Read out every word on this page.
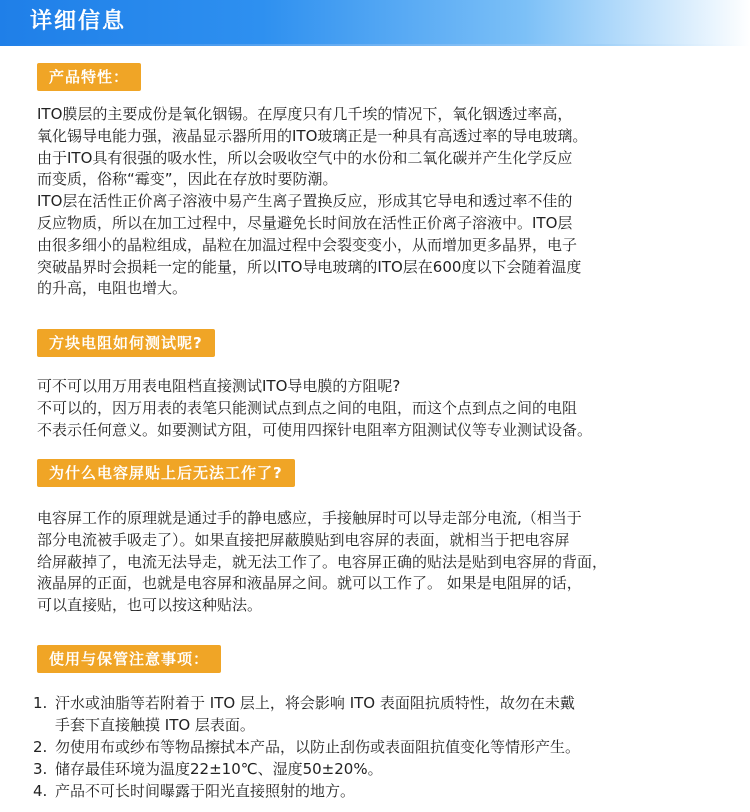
详细信息
产品特性：

ITO膜层的主要成份是氧化铟锡。在厚度只有几千埃的情况下，氧化铟透过率高，
氧化锡导电能力强，液晶显示器所用的ITO玻璃正是一种具有高透过率的导电玻璃。
由于ITO具有很强的吸水性，所以会吸收空气中的水份和二氧化碳并产生化学反应
而变质，俗称“霉变”，因此在存放时要防潮。
ITO层在活性正价离子溶液中易产生离子置换反应，形成其它导电和透过率不佳的
反应物质，所以在加工过程中，尽量避免长时间放在活性正价离子溶液中。ITO层
由很多细小的晶粒组成，晶粒在加温过程中会裂变变小，从而增加更多晶界，电子
突破晶界时会损耗一定的能量，所以ITO导电玻璃的ITO层在600度以下会随着温度
的升高，电阻也增大。

方块电阻如何测试呢?

可不可以用万用表电阻档直接测试ITO导电膜的方阻呢?
不可以的，因万用表的表笔只能测试点到点之间的电阻，而这个点到点之间的电阻
不表示任何意义。如要测试方阻，可使用四探针电阻率方阻测试仪等专业测试设备。

为什么电容屏贴上后无法工作了?

电容屏工作的原理就是通过手的静电感应，手接触屏时可以导走部分电流,（相当于
部分电流被手吸走了）。如果直接把屏蔽膜贴到电容屏的表面，就相当于把电容屏
给屏蔽掉了，电流无法导走，就无法工作了。电容屏正确的贴法是贴到电容屏的背面，
液晶屏的正面，也就是电容屏和液晶屏之间。就可以工作了。 如果是电阻屏的话，
可以直接贴，也可以按这种贴法。

使用与保管注意事项：
1. 汗水或油脂等若附着于 ITO 层上，将会影响 ITO 表面阻抗质特性，故勿在未戴
手套下直接触摸 ITO 层表面。
2. 勿使用布或纱布等物品擦拭本产品，以防止刮伤或表面阻抗值变化等情形产生。
3. 储存最佳环境为温度22±10℃、湿度50±20%。
4. 产品不可长时间曝露于阳光直接照射的地方。
